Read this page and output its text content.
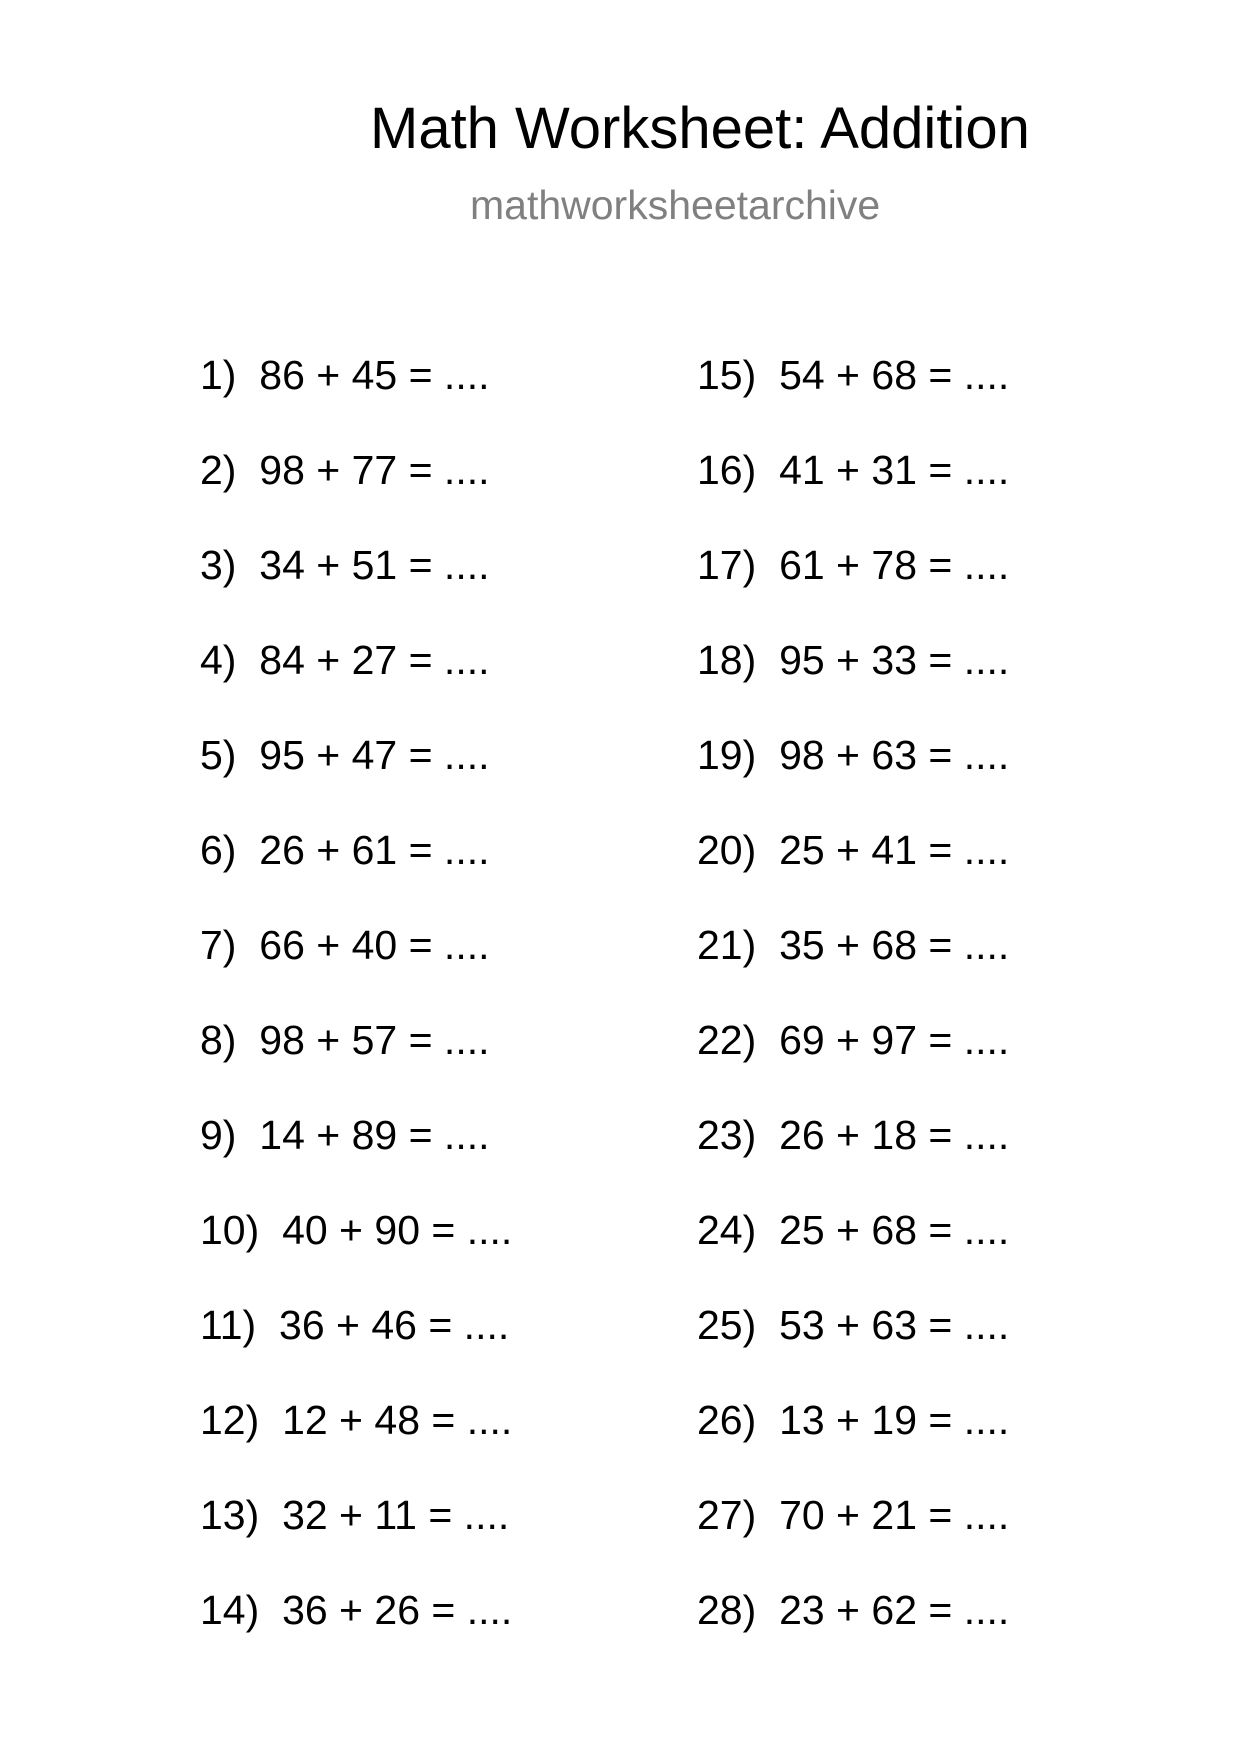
Math Worksheet: Addition
mathworksheetarchive
1) 86 + 45 = ....
2) 98 + 77 = ....
3) 34 + 51 = ....
4) 84 + 27 = ....
5) 95 + 47 = ....
6) 26 + 61 = ....
7) 66 + 40 = ....
8) 98 + 57 = ....
9) 14 + 89 = ....
10) 40 + 90 = ....
11) 36 + 46 = ....
12) 12 + 48 = ....
13) 32 + 11 = ....
14) 36 + 26 = ....
15) 54 + 68 = ....
16) 41 + 31 = ....
17) 61 + 78 = ....
18) 95 + 33 = ....
19) 98 + 63 = ....
20) 25 + 41 = ....
21) 35 + 68 = ....
22) 69 + 97 = ....
23) 26 + 18 = ....
24) 25 + 68 = ....
25) 53 + 63 = ....
26) 13 + 19 = ....
27) 70 + 21 = ....
28) 23 + 62 = ....
